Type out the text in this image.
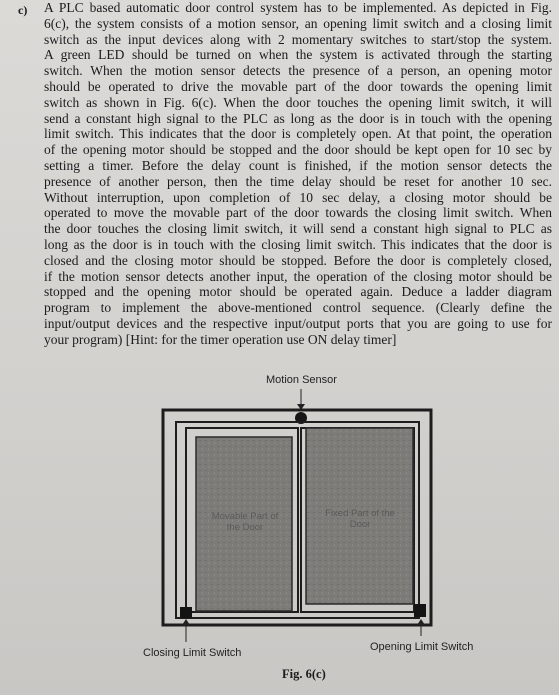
c) A PLC based automatic door control system has to be implemented. As depicted in Fig.
6(c), the system consists of a motion sensor, an opening limit switch and a closing limit
switch as the input devices along with 2 momentary switches to start/stop the system.
A green LED should be turned on when the system is activated through the starting
switch. When the motion sensor detects the presence of a person, an opening motor
should be operated to drive the movable part of the door towards the opening limit
switch as shown in Fig. 6(c). When the door touches the opening limit switch, it will
send a constant high signal to the PLC as long as the door is in touch with the opening
limit switch. This indicates that the door is completely open. At that point, the operation
of the opening motor should be stopped and the door should be kept open for 10 sec by
setting a timer. Before the delay count is finished, if the motion sensor detects the
presence of another person, then the time delay should be reset for another 10 sec.
Without interruption, upon completion of 10 sec delay, a closing motor should be
operated to move the movable part of the door towards the closing limit switch. When
the door touches the closing limit switch, it will send a constant high signal to PLC as
long as the door is in touch with the closing limit switch. This indicates that the door is
closed and the closing motor should be stopped. Before the door is completely closed,
if the motion sensor detects another input, the operation of the closing motor should be
stopped and the opening motor should be operated again. Deduce a ladder diagram
program to implement the above-mentioned control sequence. (Clearly define the
input/output devices and the respective input/output ports that you are going to use for
your program) [Hint: for the timer operation use ON delay timer]
Motion Sensor
Movable Part of the Door
Fixed Part of the Door
Closing Limit Switch	Opening Limit Switch
Fig. 6(c)
